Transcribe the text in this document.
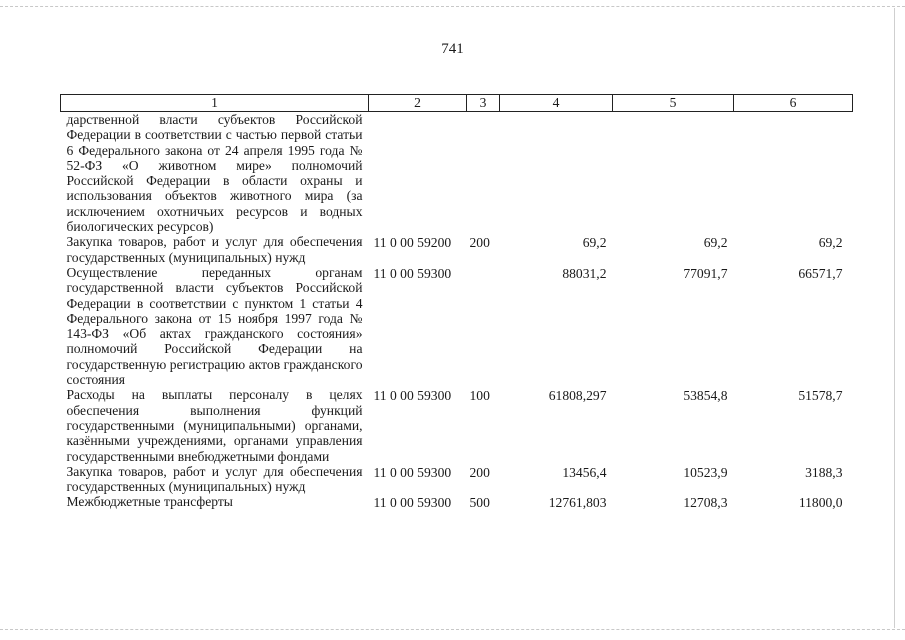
741
1	2	3	4	5	6
дарственной власти субъектов Российской Федерации в соответствии с частью первой статьи 6 Федерального закона от 24 апреля 1995 года № 52-ФЗ «О животном мире» полномочий Российской Федерации в области охраны и использования объектов животного мира (за исключением охотничьих ресурсов и водных биологических ресурсов)					
Закупка товаров, работ и услуг для обеспечения государственных (муниципальных) нужд	11 0 00 59200	200	69,2	69,2	69,2
Осуществление переданных органам государственной власти субъектов Российской Федерации в соответствии с пунктом 1 статьи 4 Федерального закона от 15 ноября 1997 года № 143-ФЗ «Об актах гражданского состояния» полномочий Российской Федерации на государственную регистрацию актов гражданского состояния	11 0 00 59300		88031,2	77091,7	66571,7
Расходы на выплаты персоналу в целях обеспечения выполнения функций государственными (муниципальными) органами, казёнными учреждениями, органами управления государственными внебюджетными фондами	11 0 00 59300	100	61808,297	53854,8	51578,7
Закупка товаров, работ и услуг для обеспечения государственных (муниципальных) нужд	11 0 00 59300	200	13456,4	10523,9	3188,3
Межбюджетные трансферты	11 0 00 59300	500	12761,803	12708,3	11800,0
